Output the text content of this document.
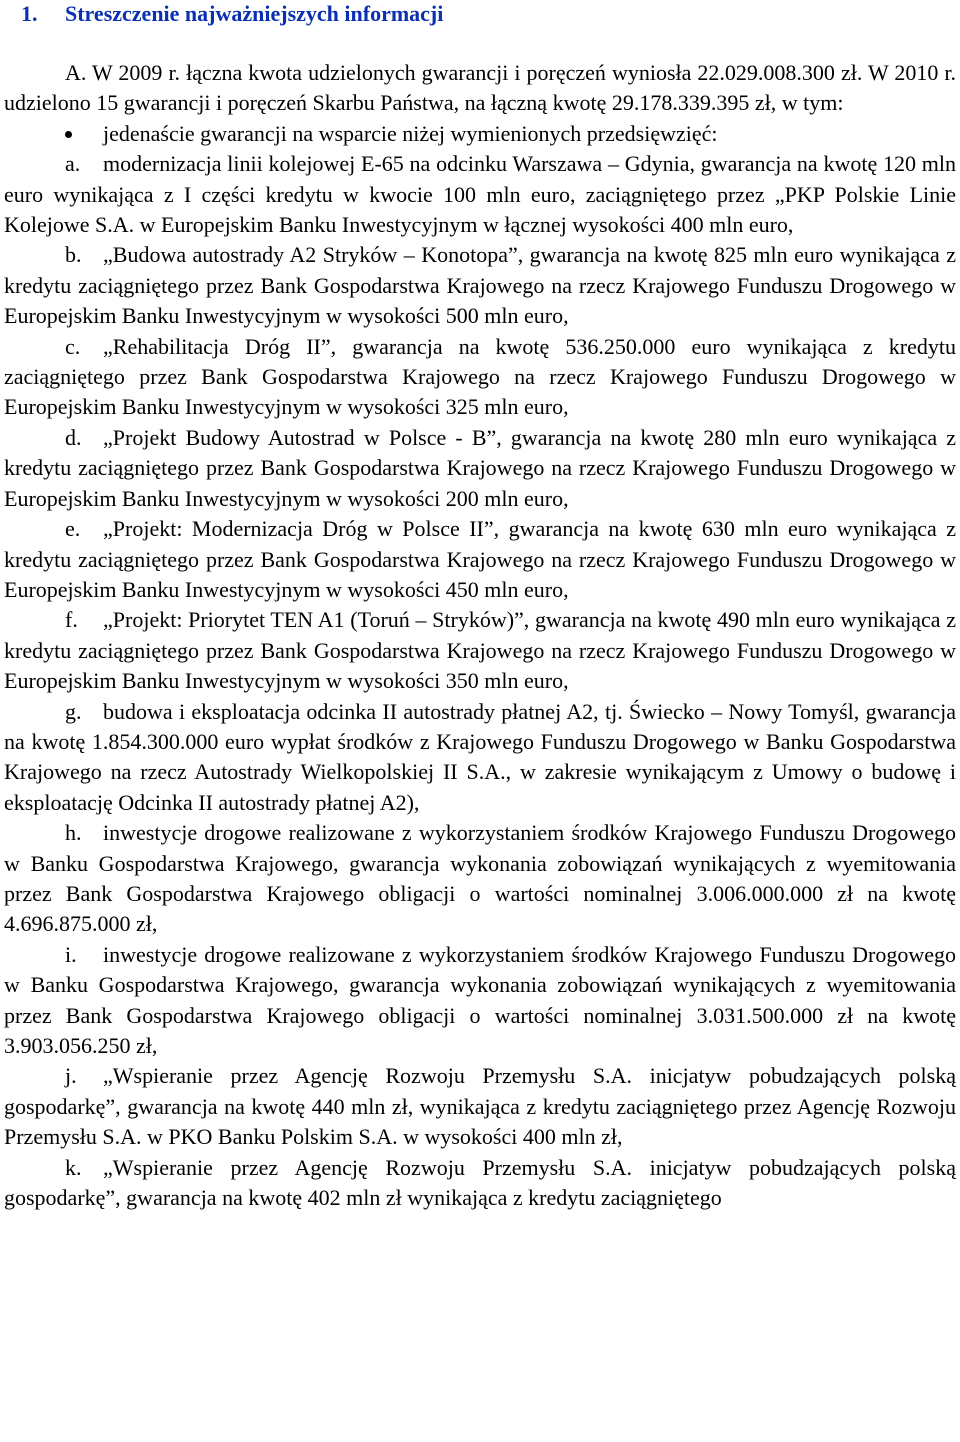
1. Streszczenie najważniejszych informacji

A. W 2009 r. łączna kwota udzielonych gwarancji i poręczeń wyniosła 22.029.008.300 zł. W 2010 r. udzielono 15 gwarancji i poręczeń Skarbu Państwa, na łączną kwotę 29.178.339.395 zł, w tym:

jedenaście gwarancji na wsparcie niżej wymienionych przedsięwzięć:

a. modernizacja linii kolejowej E-65 na odcinku Warszawa – Gdynia, gwarancja na kwotę 120 mln euro wynikająca z I części kredytu w kwocie 100 mln euro, zaciągniętego przez „PKP Polskie Linie Kolejowe S.A. w Europejskim Banku Inwestycyjnym w łącznej wysokości 400 mln euro,

b. „Budowa autostrady A2 Stryków – Konotopa”, gwarancja na kwotę 825 mln euro wynikająca z kredytu zaciągniętego przez Bank Gospodarstwa Krajowego na rzecz Krajowego Funduszu Drogowego w Europejskim Banku Inwestycyjnym w wysokości 500 mln euro,

c. „Rehabilitacja Dróg II”, gwarancja na kwotę 536.250.000 euro wynikająca z kredytu zaciągniętego przez Bank Gospodarstwa Krajowego na rzecz Krajowego Funduszu Drogowego w Europejskim Banku Inwestycyjnym w wysokości 325 mln euro,

d. „Projekt Budowy Autostrad w Polsce - B”, gwarancja na kwotę 280 mln euro wynikająca z kredytu zaciągniętego przez Bank Gospodarstwa Krajowego na rzecz Krajowego Funduszu Drogowego w Europejskim Banku Inwestycyjnym w wysokości 200 mln euro,

e. „Projekt: Modernizacja Dróg w Polsce II”, gwarancja na kwotę 630 mln euro wynikająca z kredytu zaciągniętego przez Bank Gospodarstwa Krajowego na rzecz Krajowego Funduszu Drogowego w Europejskim Banku Inwestycyjnym w wysokości 450 mln euro,

f. „Projekt: Priorytet TEN A1 (Toruń – Stryków)”, gwarancja na kwotę 490 mln euro wynikająca z kredytu zaciągniętego przez Bank Gospodarstwa Krajowego na rzecz Krajowego Funduszu Drogowego w Europejskim Banku Inwestycyjnym w wysokości 350 mln euro,

g. budowa i eksploatacja odcinka II autostrady płatnej A2, tj. Świecko – Nowy Tomyśl, gwarancja na kwotę 1.854.300.000 euro wypłat środków z Krajowego Funduszu Drogowego w Banku Gospodarstwa Krajowego na rzecz Autostrady Wielkopolskiej II S.A., w zakresie wynikającym z Umowy o budowę i eksploatację Odcinka II autostrady płatnej A2),

h. inwestycje drogowe realizowane z wykorzystaniem środków Krajowego Funduszu Drogowego w Banku Gospodarstwa Krajowego, gwarancja wykonania zobowiązań wynikających z wyemitowania przez Bank Gospodarstwa Krajowego obligacji o wartości nominalnej 3.006.000.000 zł na kwotę 4.696.875.000 zł,

i. inwestycje drogowe realizowane z wykorzystaniem środków Krajowego Funduszu Drogowego w Banku Gospodarstwa Krajowego, gwarancja wykonania zobowiązań wynikających z wyemitowania przez Bank Gospodarstwa Krajowego obligacji o wartości nominalnej 3.031.500.000 zł na kwotę 3.903.056.250 zł,

j. „Wspieranie przez Agencję Rozwoju Przemysłu S.A. inicjatyw pobudzających polską gospodarkę”, gwarancja na kwotę 440 mln zł, wynikająca z kredytu zaciągniętego przez Agencję Rozwoju Przemysłu S.A. w PKO Banku Polskim S.A. w wysokości 400 mln zł,

k. „Wspieranie przez Agencję Rozwoju Przemysłu S.A. inicjatyw pobudzających polską gospodarkę”, gwarancja na kwotę 402 mln zł wynikająca z kredytu zaciągniętego
